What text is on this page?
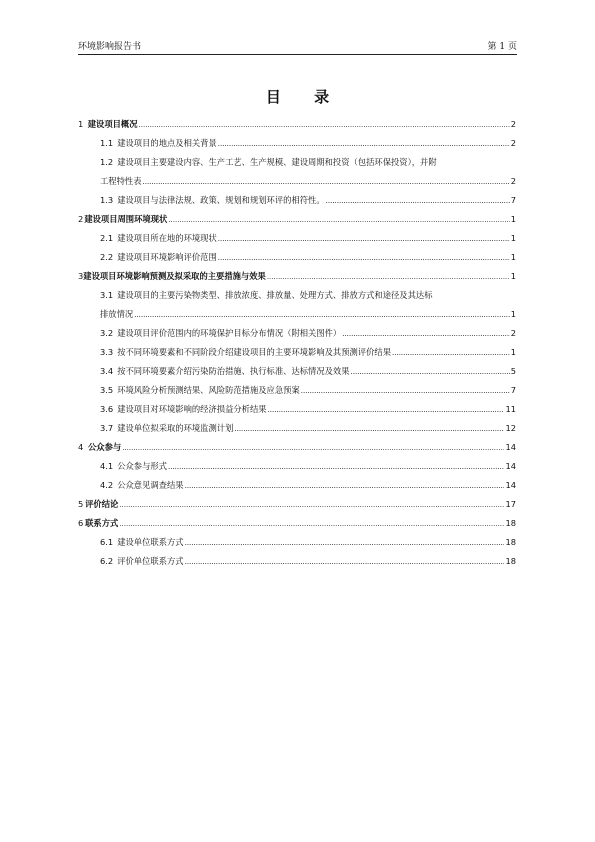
环境影响报告书	第 1 页
目 录
1 建设项目概况 .....	2
1.1 建设项目的地点及相关背景 .....	2
1.2 建设项目主要建设内容、生产工艺、生产规模、建设周期和投资（包括环保投资），并附
工程特性表 .....	2
1.3 建设项目与法律法规、政策、规划和规划环评的相符性。 .....	7
2 建设项目周围环境现状 .....	1
2.1 建设项目所在地的环境现状 .....	1
2.2 建设项目环境影响评价范围 .....	1
3 建设项目环境影响预测及拟采取的主要措施与效果 .....	1
3.1 建设项目的主要污染物类型、排放浓度、排放量、处理方式、排放方式和途径及其达标
排放情况 .....	1
3.2 建设项目评价范围内的环境保护目标分布情况（附相关图件） .....	2
3.3 按不同环境要素和不同阶段介绍建设项目的主要环境影响及其预测评价结果 .....	1
3.4 按不同环境要素介绍污染防治措施、执行标准、达标情况及效果 .....	5
3.5 环境风险分析预测结果、风险防范措施及应急预案 .....	7
3.6 建设项目对环境影响的经济损益分析结果 .....	11
3.7 建设单位拟采取的环境监测计划 .....	12
4 公众参与 .....	14
4.1 公众参与形式 .....	14
4.2 公众意见调查结果 .....	14
5 评价结论 .....	17
6 联系方式 .....	18
6.1 建设单位联系方式 .....	18
6.2 评价单位联系方式 .....	18
